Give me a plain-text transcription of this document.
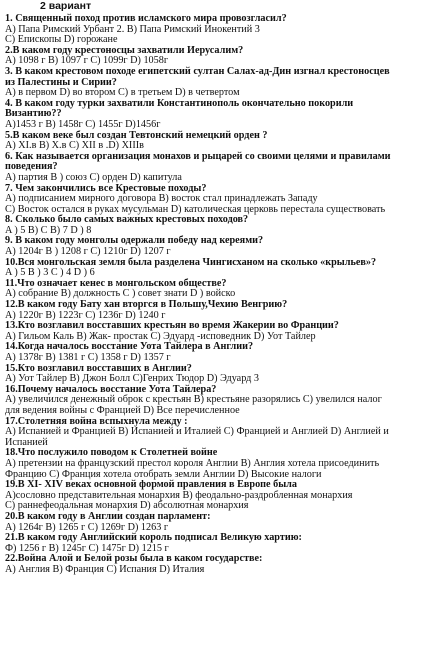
2 вариант
1. Священный поход против исламского мира провозгласил?
A) Папа Римский Урбант 2. B) Папа Римский Инокентий 3
C) Епископы D) горожане
2.В каком году крестоносцы захватили Иерусалим?
A) 1098 г B) 1097 г C) 1099г D) 1058г
3. В каком крестовом походе египетский султан Салах-ад-Дин изгнал крестоносцев
из Палестины и Сирии?
A) в первом D) во втором C) в третьем D) в четвертом
4. В каком году турки захватили Константинополь окончательно покорили
Византию??
A)1453 г B) 1458г C) 1455г D)1456г
5.В каком веке был создан Тевтонский немецкий орден ?
A) XI.в B) X.в C) XII в .D) XIIIв
6. Как называется организация монахов и рыцарей со своими целями и правилами
поведения?
A) партия B ) союз C) орден D) капитула
7. Чем закончились все Крестовые походы?
A) подписанием мирного договора B) восток стал принадлежать Западу
C) Восток остался в руках мусульман D) католическая церковь перестала существовать
8. Сколько было самых важных крестовых походов?
A ) 5 B) C B) 7 D ) 8
9. В каком году монголы одержали победу над кереями?
A) 1204г B ) 1208 г C) 1210г D) 1207 г
10.Вся монгольская земля была разделена Чингисханом на сколько «крыльев»?
A ) 5 B ) 3 C ) 4 D ) 6
11.Что означает кенес в монгольском обществе?
A) собрание B) должность C ) совет знати D ) войско
12.В каком году Бату хан вторгся в Польшу,Чехию Венгрию?
A) 1220г B) 1223г C) 1236г D) 1240 г
13.Кто возглавил восставших крестьян во время Жакерии во Франции?
A) Гильом Каль B) Жак- простак C) Эдуард -исповедник D) Уот Тайлер
14.Когда началось восстание Уота Тайлера в Англии?
A) 1378г B) 1381 г C) 1358 г D) 1357 г
15.Кто возглавил восставших в Англии?
A) Уот Тайлер B) Джон Болл C)Генрих Тюдор D) Эдуард 3
16.Почему началось восстание Уота Тайлера?
A) увеличился денежный оброк с крестьян B) крестьяне разорялись C) увелился налог
для ведения войны с Францией D) Все перечисленное
17.Столетняя война вспыхнула между :
A) Испанией и Францией B) Испанией и Италией C) Францией и Англией D) Англией и
Испанией
18.Что послужило поводом к Столетней войне
A) претензии на французский престол короля Англии B) Англия хотела присоединить
Францию C) Франция хотела отобрать земли Англии D) Высокие налоги
19.В XI- XIV веках основной формой правления в Европе была
A)сословно представительная монархия B) феодально-раздробленная монархия
C) раннефеодальная монархия D) абсолютная монархия
20.В каком году в Англии создан парламент:
A) 1264г B) 1265 г C) 1269г D) 1263 г
21.В каком году Английский король подписал Великую хартию:
Ф) 1256 г B) 1245г C) 1475г D) 1215 г
22.Война Алой и Белой розы была в каком государстве:
A) Англия B) Франция C) Испания D) Италия
